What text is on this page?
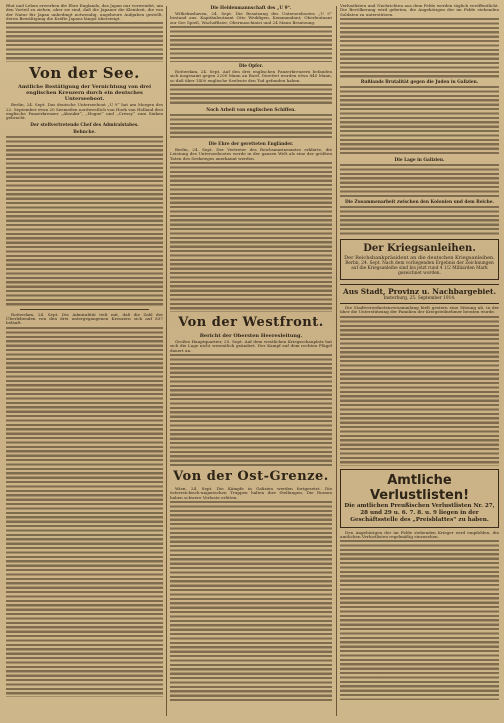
Blut und Leben erwerben die Ehre Englands, das Japan nur vorwendet, um den Vorteil zu ziehen, aber sie sind, daß die Japaner die Kleinheit, die von der Natur für Japan unbedingt notwendig, ungeheure Aufgaben gestellt, deren Bewältigung die Kräfte Japans längst übersteigt.

Von der See.
Amtliche Bestätigung der Vernichtung von drei englischen Kreuzern durch ein deutsches Unterseeboot.

Berlin, 24. Sept. Das deutsche Unterseeboot „U 9“ hat am Morgen des 22. September etwa 20 Seemeilen nordwestlich von Hoek van Holland drei englische Panzerkreuzer „Aboukir“, „Hogue“ und „Cressy“ zum Sinken gebracht.

Der stellvertretende Chef des Admiralstabes.
Behncke.

Rotterdam, 24. Sept. Die Admiralität teilt mit, daß die Zahl der Überlebenden von den drei untergegangenen Kreuzern sich auf 837 beläuft.

Die Heldenmannschaft des „U 9“.

Wilhelmshaven, 24. Sept. Die Besatzung des Unterseebootes „U 9“ bestand aus: Kapitänleutnant Otto Weddigen, Kommandant; Oberleutnant zur See Spieß, Wachoffizier, Obermaschinist und 24 Mann Besatzung.

Die Opfer.

Rotterdam, 24. Sept. Auf den drei englischen Panzerkreuzern befanden sich insgesamt gegen 2200 Mann an Bord. Gerettet wurden etwa 840 Mann, so daß über 1400 englische Seeleute den Tod gefunden haben.

Noch Arbeit von englischen Schiffen.
Die Ehre der geretteten Engländer.

Berlin, 24. Sept. Der Vertreter des Reichsmarineamtes erklärte, die Leistung des Unterseebootes werde in der ganzen Welt als eine der größten Taten des Seekrieges anerkannt werden.

Von der Westfront.
Bericht der Obersten Heeresleitung.

Großes Hauptquartier, 25. Sept. Auf dem westlichen Kriegsschauplatz hat sich die Lage nicht wesentlich geändert. Der Kampf auf dem rechten Flügel dauert an.

Von der Ost-Grenze.

Wien, 24. Sept. Die Kämpfe in Galizien werden fortgesetzt. Die österreichisch-ungarischen Truppen halten ihre Stellungen. Die Russen haben schwere Verluste erlitten.

Verlustlisten und Nachrichten aus dem Felde werden täglich veröffentlicht. Die Bevölkerung wird gebeten, die Angehörigen der im Felde stehenden Soldaten zu unterstützen.

Rußlands Brutalität gegen die Juden in Galizien.
Die Lage in Galizien.
Die Zusammenarbeit zwischen den Kolonien und dem Reiche.
Der Kriegsanleihen.
Der Reichsbankpräsident an die deutschen Kriegsanleihen.
Berlin, 24. Sept. Nach dem vorliegenden Ergebnis der Zeichnungen auf die Kriegsanleihe sind bis jetzt rund 4 1/2 Milliarden Mark gezeichnet worden.
Aus Stadt, Provinz u. Nachbargebiet.
Insterburg, 25. September 1914.

Die Stadtverordnetenversammlung hielt gestern eine Sitzung ab, in der über die Unterstützung der Familien der Kriegsteilnehmer beraten wurde.

Amtliche Verlustlisten!
Die amtlichen Preußischen Verlustlisten Nr. 27, 28 und 29 u. 6. 7. 8. u. 9 liegen in der Geschäftsstelle des „Preisblattes“ zu haben.

Den Angehörigen der im Felde stehenden Krieger wird empfohlen, die amtlichen Verlustlisten regelmäßig einzusehen.
